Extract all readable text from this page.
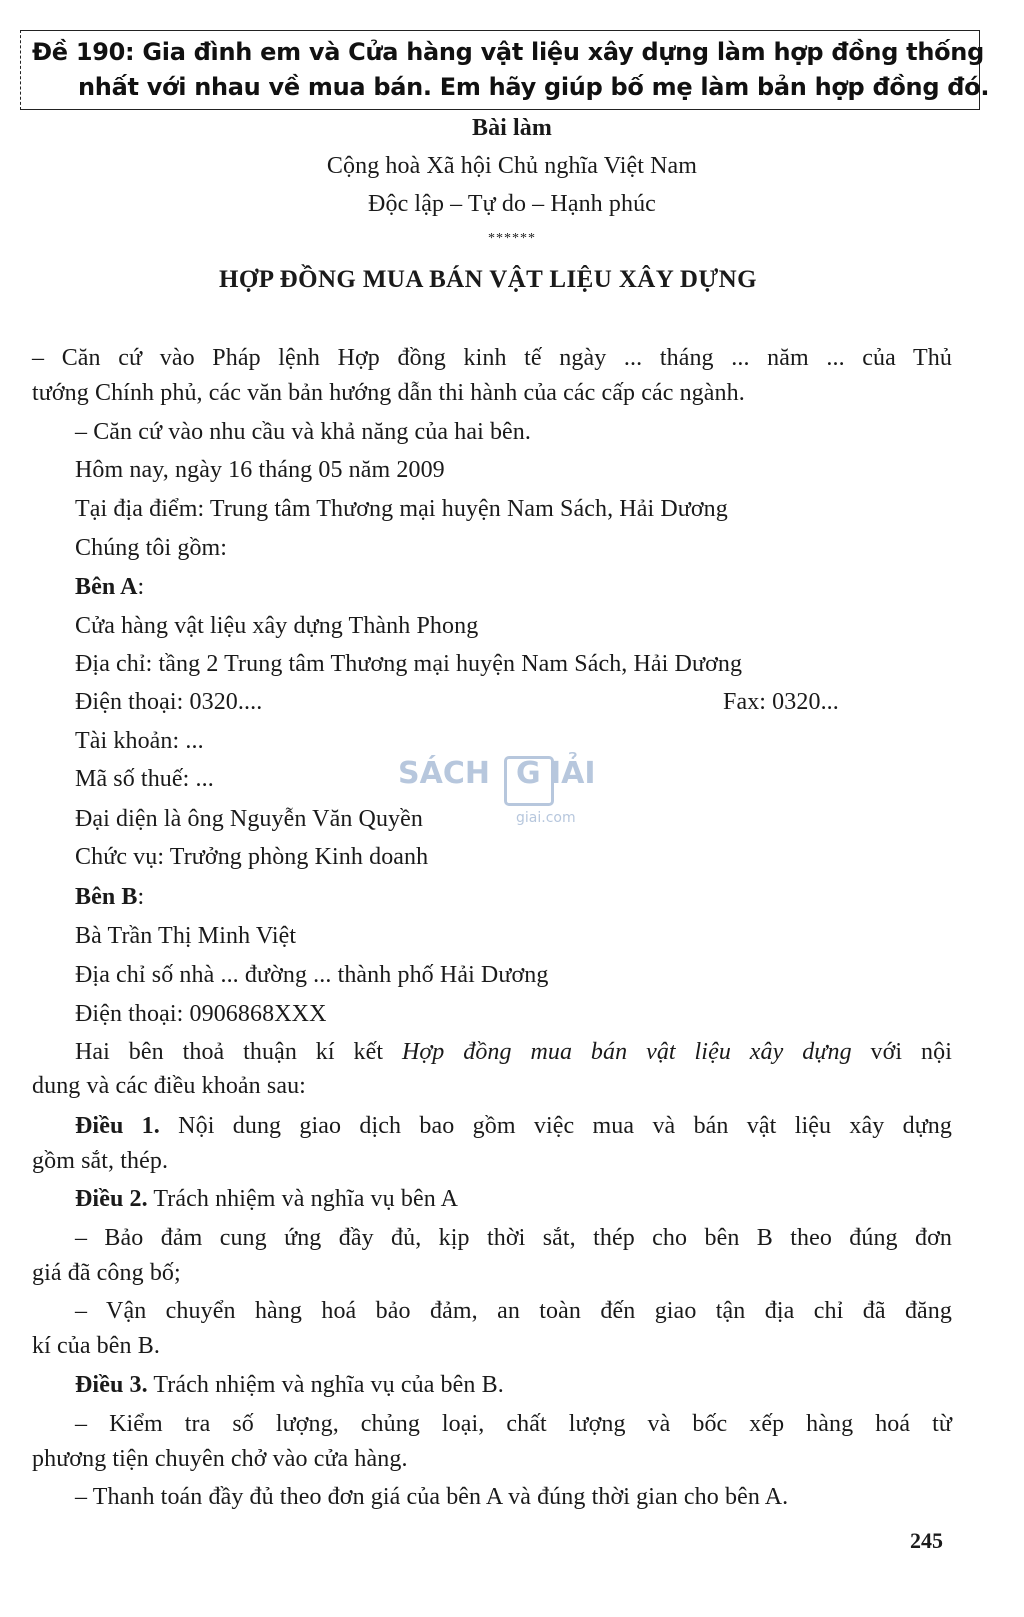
Đề 190: Gia đình em và Cửa hàng vật liệu xây dựng làm hợp đồng thống
nhất với nhau về mua bán. Em hãy giúp bố mẹ làm bản hợp đồng đó.
Bài làm
Cộng hoà Xã hội Chủ nghĩa Việt Nam
Độc lập – Tự do – Hạnh phúc
******
HỢP ĐỒNG MUA BÁN VẬT LIỆU XÂY DỰNG
– Căn cứ vào Pháp lệnh Hợp đồng kinh tế ngày ... tháng ... năm ... của Thủ
tướng Chính phủ, các văn bản hướng dẫn thi hành của các cấp các ngành.
– Căn cứ vào nhu cầu và khả năng của hai bên.
Hôm nay, ngày 16 tháng 05 năm 2009
Tại địa điểm: Trung tâm Thương mại huyện Nam Sách, Hải Dương
Chúng tôi gồm:
Bên A:
Cửa hàng vật liệu xây dựng Thành Phong
Địa chỉ: tầng 2 Trung tâm Thương mại huyện Nam Sách, Hải Dương
Điện thoại: 0320....	Fax: 0320...
Tài khoản: ...
Mã số thuế: ...	SÁCH G IẢI
giai.com
Đại diện là ông Nguyễn Văn Quyền
Chức vụ: Trưởng phòng Kinh doanh
Bên B:
Bà Trần Thị Minh Việt
Địa chỉ số nhà ... đường ... thành phố Hải Dương
Điện thoại: 0906868XXX
Hai bên thoả thuận kí kết Hợp đồng mua bán vật liệu xây dựng với nội
dung và các điều khoản sau:
Điều 1. Nội dung giao dịch bao gồm việc mua và bán vật liệu xây dựng
gồm sắt, thép.
Điều 2. Trách nhiệm và nghĩa vụ bên A
– Bảo đảm cung ứng đầy đủ, kịp thời sắt, thép cho bên B theo đúng đơn
giá đã công bố;
– Vận chuyển hàng hoá bảo đảm, an toàn đến giao tận địa chỉ đã đăng
kí của bên B.
Điều 3. Trách nhiệm và nghĩa vụ của bên B.
– Kiểm tra số lượng, chủng loại, chất lượng và bốc xếp hàng hoá từ
phương tiện chuyên chở vào cửa hàng.
– Thanh toán đầy đủ theo đơn giá của bên A và đúng thời gian cho bên A.
245
